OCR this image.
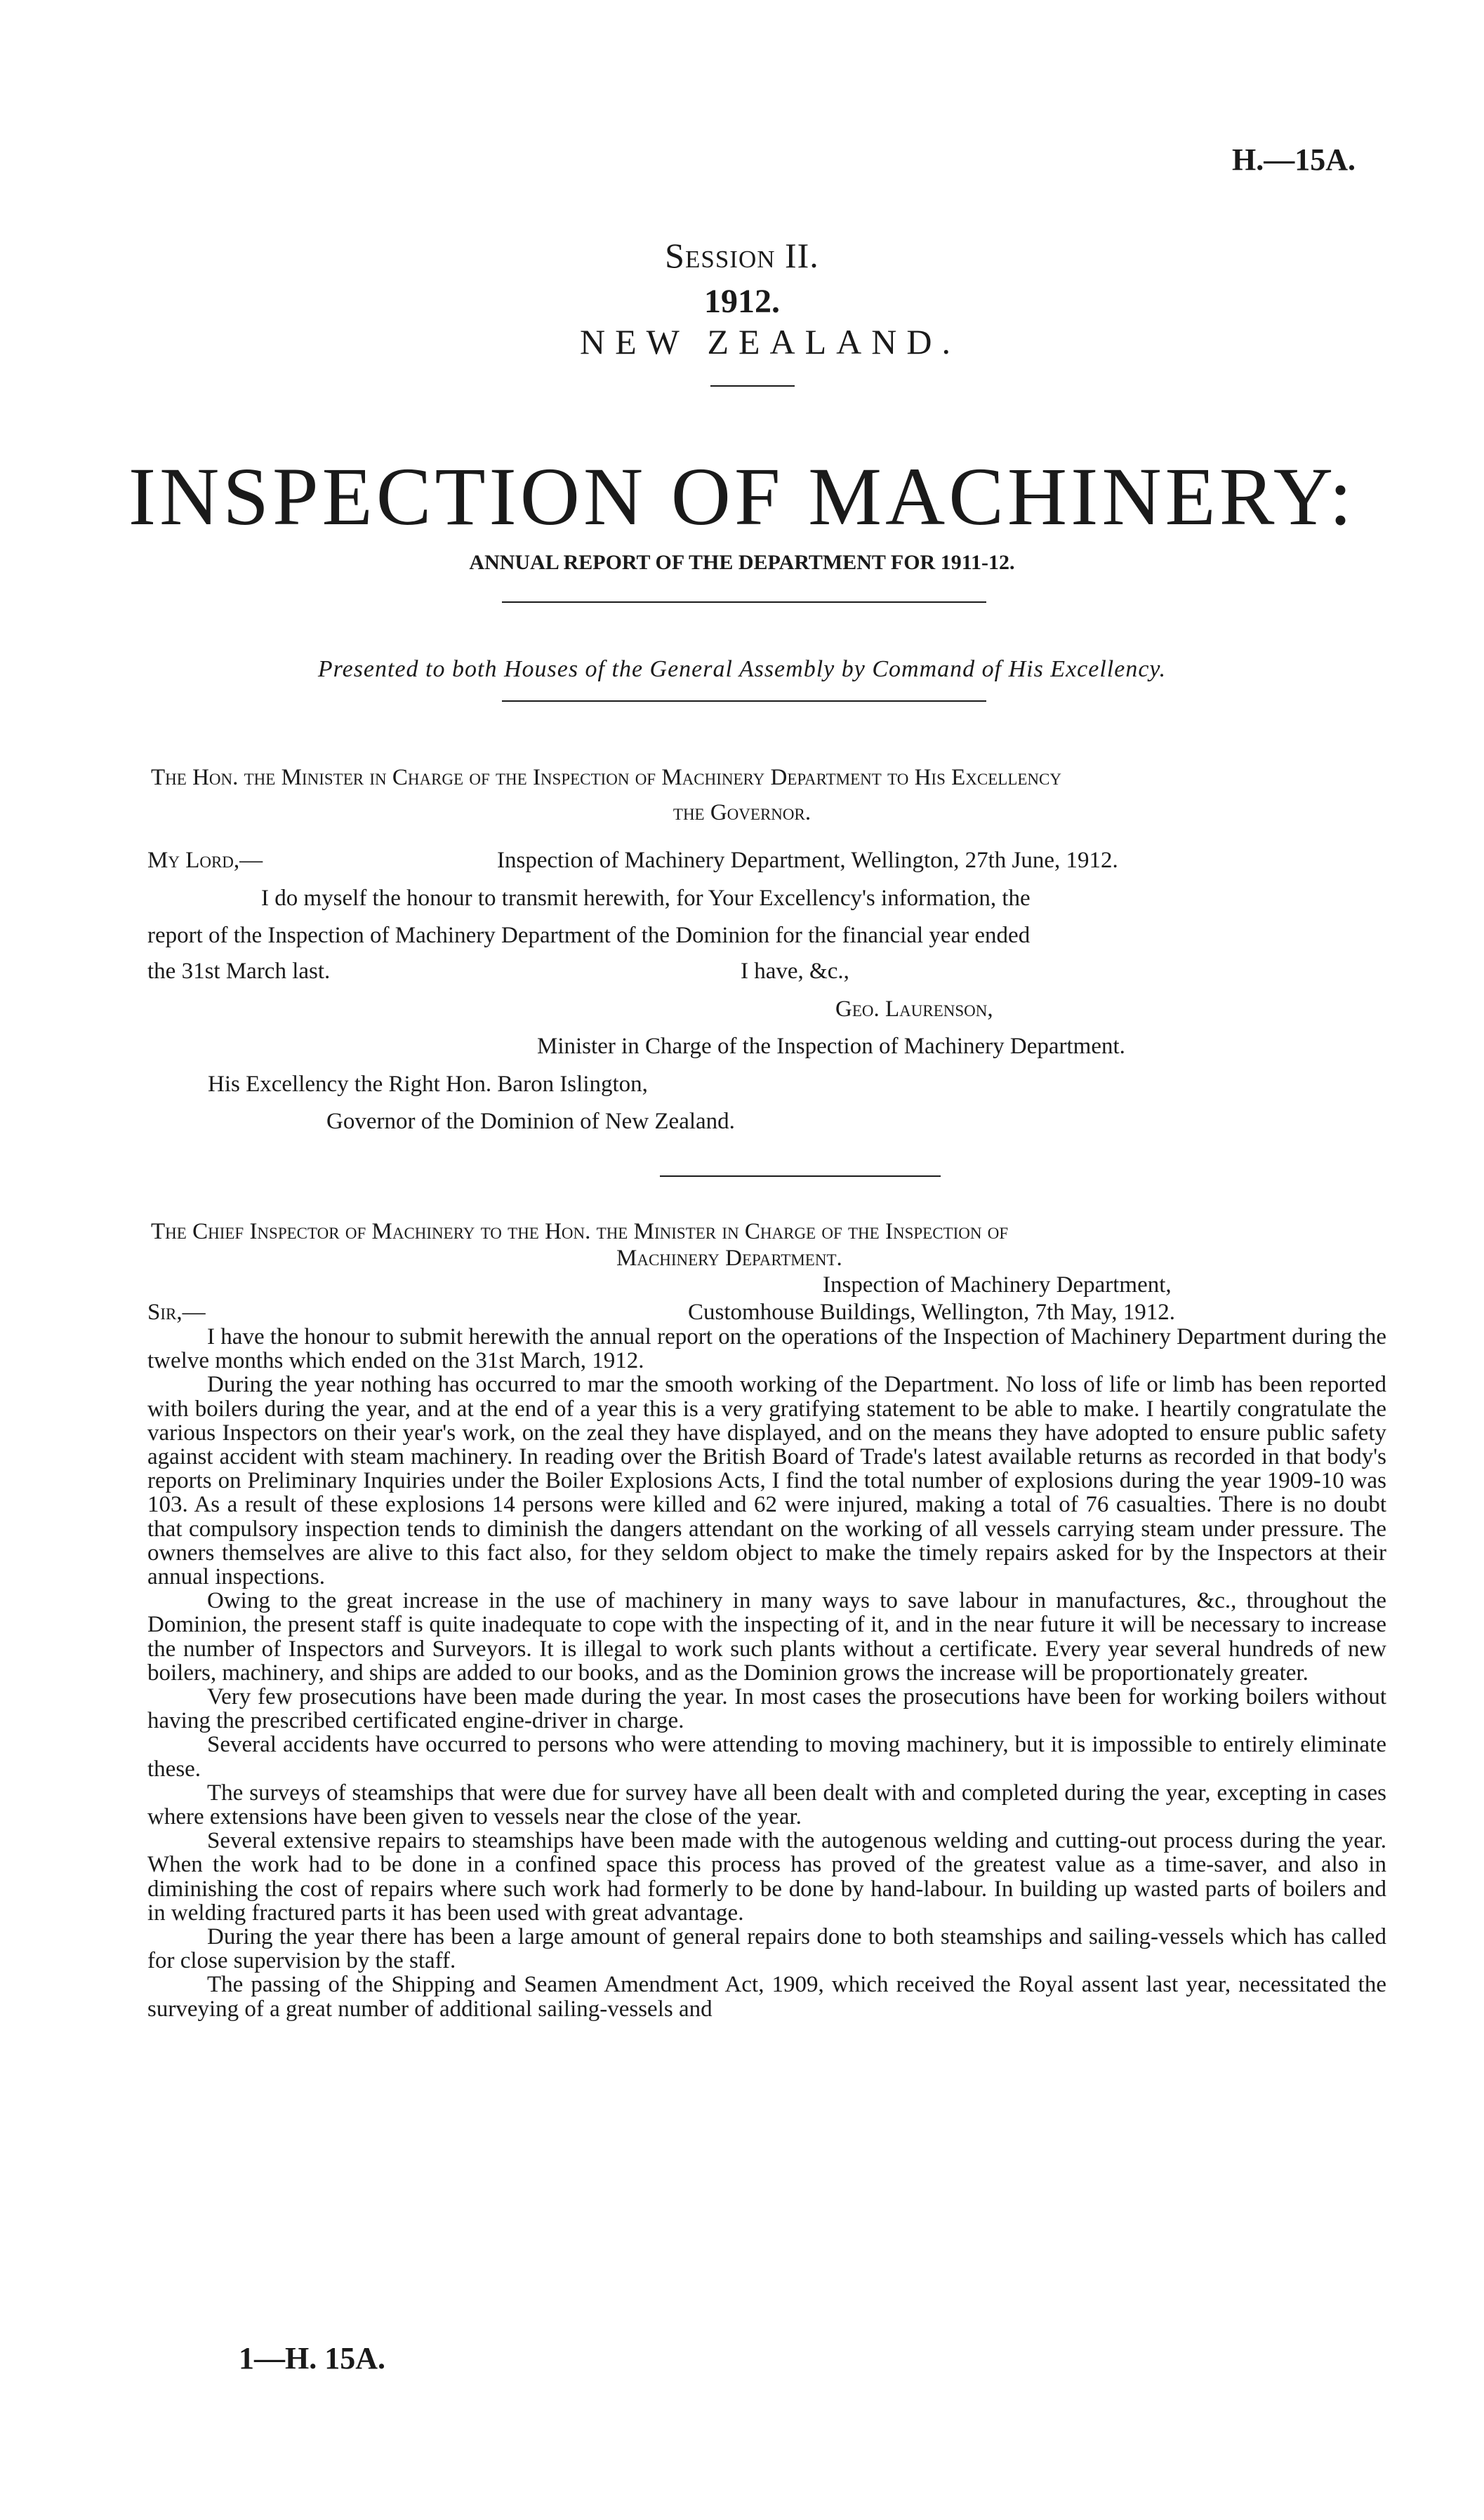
H.—15A.
Session II.
1912.
NEW ZEALAND.
INSPECTION OF MACHINERY:
ANNUAL REPORT OF THE DEPARTMENT FOR 1911-12.
Presented to both Houses of the General Assembly by Command of His Excellency.
The Hon. the Minister in Charge of the Inspection of Machinery Department to His Excellency
the Governor.
My Lord,—	Inspection of Machinery Department, Wellington, 27th June, 1912.
I do myself the honour to transmit herewith, for Your Excellency's information, the
report of the Inspection of Machinery Department of the Dominion for the financial year ended
the 31st March last.	I have, &c.,
Geo. Laurenson,
Minister in Charge of the Inspection of Machinery Department.
His Excellency the Right Hon. Baron Islington,
Governor of the Dominion of New Zealand.
The Chief Inspector of Machinery to the Hon. the Minister in Charge of the Inspection of
Machinery Department.
Inspection of Machinery Department,
Sir,—	Customhouse Buildings, Wellington, 7th May, 1912.

I have the honour to submit herewith the annual report on the operations of the Inspection of Machinery Department during the twelve months which ended on the 31st March, 1912.

During the year nothing has occurred to mar the smooth working of the Department. No loss of life or limb has been reported with boilers during the year, and at the end of a year this is a very gratifying statement to be able to make. I heartily congratulate the various Inspectors on their year's work, on the zeal they have displayed, and on the means they have adopted to ensure public safety against accident with steam machinery. In reading over the British Board of Trade's latest available returns as recorded in that body's reports on Preliminary Inquiries under the Boiler Explosions Acts, I find the total number of explosions during the year 1909-10 was 103. As a result of these explosions 14 persons were killed and 62 were injured, making a total of 76 casualties. There is no doubt that compulsory inspection tends to diminish the dangers attendant on the working of all vessels carrying steam under pressure. The owners themselves are alive to this fact also, for they seldom object to make the timely repairs asked for by the Inspectors at their annual inspections.

Owing to the great increase in the use of machinery in many ways to save labour in manufactures, &c., throughout the Dominion, the present staff is quite inadequate to cope with the inspecting of it, and in the near future it will be necessary to increase the number of Inspectors and Surveyors. It is illegal to work such plants without a certificate. Every year several hundreds of new boilers, machinery, and ships are added to our books, and as the Dominion grows the increase will be proportionately greater.

Very few prosecutions have been made during the year. In most cases the prosecutions have been for working boilers without having the prescribed certificated engine-driver in charge.

Several accidents have occurred to persons who were attending to moving machinery, but it is impossible to entirely eliminate these.

The surveys of steamships that were due for survey have all been dealt with and completed during the year, excepting in cases where extensions have been given to vessels near the close of the year.

Several extensive repairs to steamships have been made with the autogenous welding and cutting-out process during the year. When the work had to be done in a confined space this process has proved of the greatest value as a time-saver, and also in diminishing the cost of repairs where such work had formerly to be done by hand-labour. In building up wasted parts of boilers and in welding fractured parts it has been used with great advantage.

During the year there has been a large amount of general repairs done to both steamships and sailing-vessels which has called for close supervision by the staff.

The passing of the Shipping and Seamen Amendment Act, 1909, which received the Royal assent last year, necessitated the surveying of a great number of additional sailing-vessels and

1—H. 15A.
